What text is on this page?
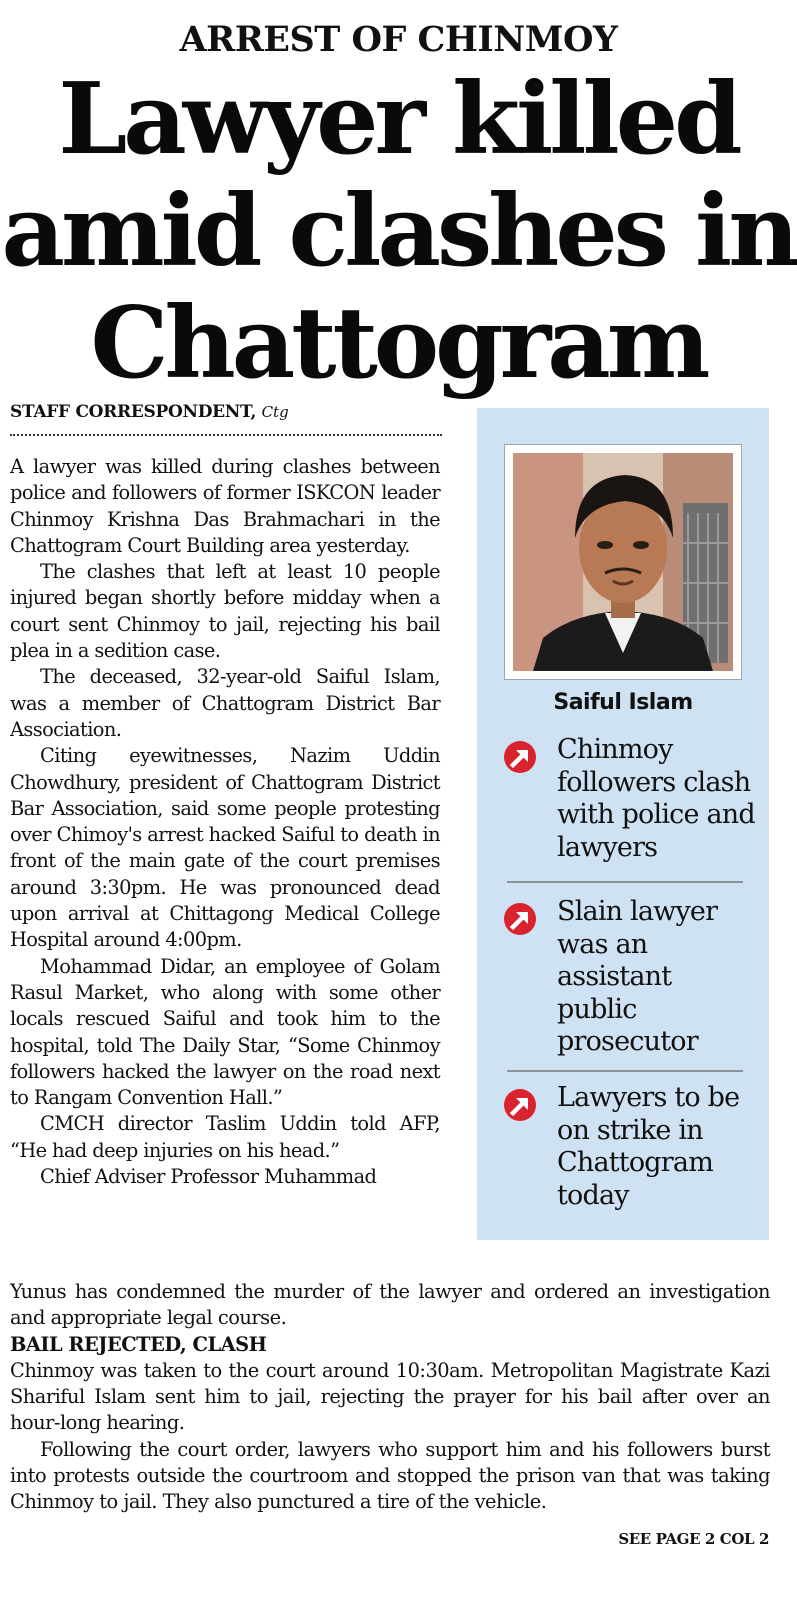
ARREST OF CHINMOY
Lawyer killed
amid clashes in
Chattogram
STAFF CORRESPONDENT, Ctg

A lawyer was killed during clashes between police and followers of former ISKCON leader Chinmoy Krishna Das Brahmachari in the Chattogram Court Building area yesterday.

The clashes that left at least 10 people injured began shortly before midday when a court sent Chinmoy to jail, rejecting his bail plea in a sedition case.

The deceased, 32-year-old Saiful Islam, was a member of Chattogram District Bar Association.

Citing eyewitnesses, Nazim Uddin Chowdhury, president of Chattogram District Bar Association, said some people protesting over Chimoy's arrest hacked Saiful to death in front of the main gate of the court premises around 3:30pm. He was pronounced dead upon arrival at Chittagong Medical College Hospital around 4:00pm.

Mohammad Didar, an employee of Golam Rasul Market, who along with some other locals rescued Saiful and took him to the hospital, told The Daily Star, “Some Chinmoy followers hacked the lawyer on the road next to Rangam Convention Hall.”

CMCH director Taslim Uddin told AFP, “He had deep injuries on his head.”

Chief Adviser Professor Muhammad

Yunus has condemned the murder of the lawyer and ordered an investigation and appropriate legal course.

BAIL REJECTED, CLASH

Chinmoy was taken to the court around 10:30am. Metropolitan Magistrate Kazi Shariful Islam sent him to jail, rejecting the prayer for his bail after over an hour-long hearing.

Following the court order, lawyers who support him and his followers burst into protests outside the courtroom and stopped the prison van that was taking Chinmoy to jail. They also punctured a tire of the vehicle.

Saiful Islam
Chinmoy followers clash with police and lawyers
Slain lawyer was an assistant public prosecutor
Lawyers to be on strike in Chattogram today
SEE PAGE 2 COL 2
